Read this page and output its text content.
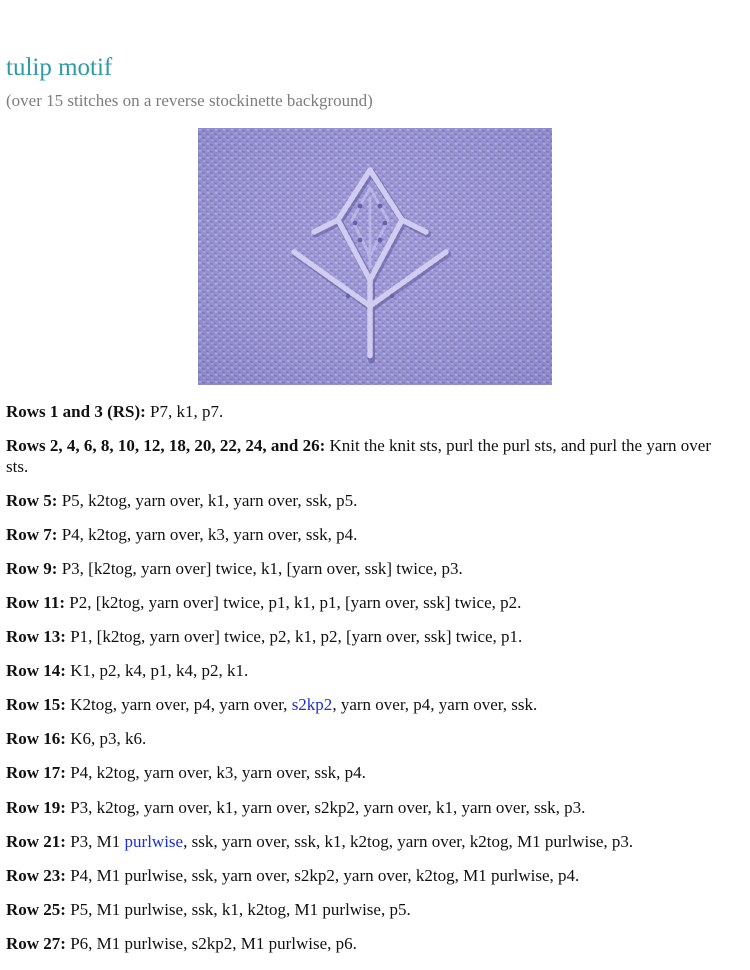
tulip motif

(over 15 stitches on a reverse stockinette background)

Rows 1 and 3 (RS): P7, k1, p7.

Rows 2, 4, 6, 8, 10, 12, 18, 20, 22, 24, and 26: Knit the knit sts, purl the purl sts, and purl the yarn over sts.

Row 5: P5, k2tog, yarn over, k1, yarn over, ssk, p5.

Row 7: P4, k2tog, yarn over, k3, yarn over, ssk, p4.

Row 9: P3, [k2tog, yarn over] twice, k1, [yarn over, ssk] twice, p3.

Row 11: P2, [k2tog, yarn over] twice, p1, k1, p1, [yarn over, ssk] twice, p2.

Row 13: P1, [k2tog, yarn over] twice, p2, k1, p2, [yarn over, ssk] twice, p1.

Row 14: K1, p2, k4, p1, k4, p2, k1.

Row 15: K2tog, yarn over, p4, yarn over, s2kp2, yarn over, p4, yarn over, ssk.

Row 16: K6, p3, k6.

Row 17: P4, k2tog, yarn over, k3, yarn over, ssk, p4.

Row 19: P3, k2tog, yarn over, k1, yarn over, s2kp2, yarn over, k1, yarn over, ssk, p3.

Row 21: P3, M1 purlwise, ssk, yarn over, ssk, k1, k2tog, yarn over, k2tog, M1 purlwise, p3.

Row 23: P4, M1 purlwise, ssk, yarn over, s2kp2, yarn over, k2tog, M1 purlwise, p4.

Row 25: P5, M1 purlwise, ssk, k1, k2tog, M1 purlwise, p5.

Row 27: P6, M1 purlwise, s2kp2, M1 purlwise, p6.
